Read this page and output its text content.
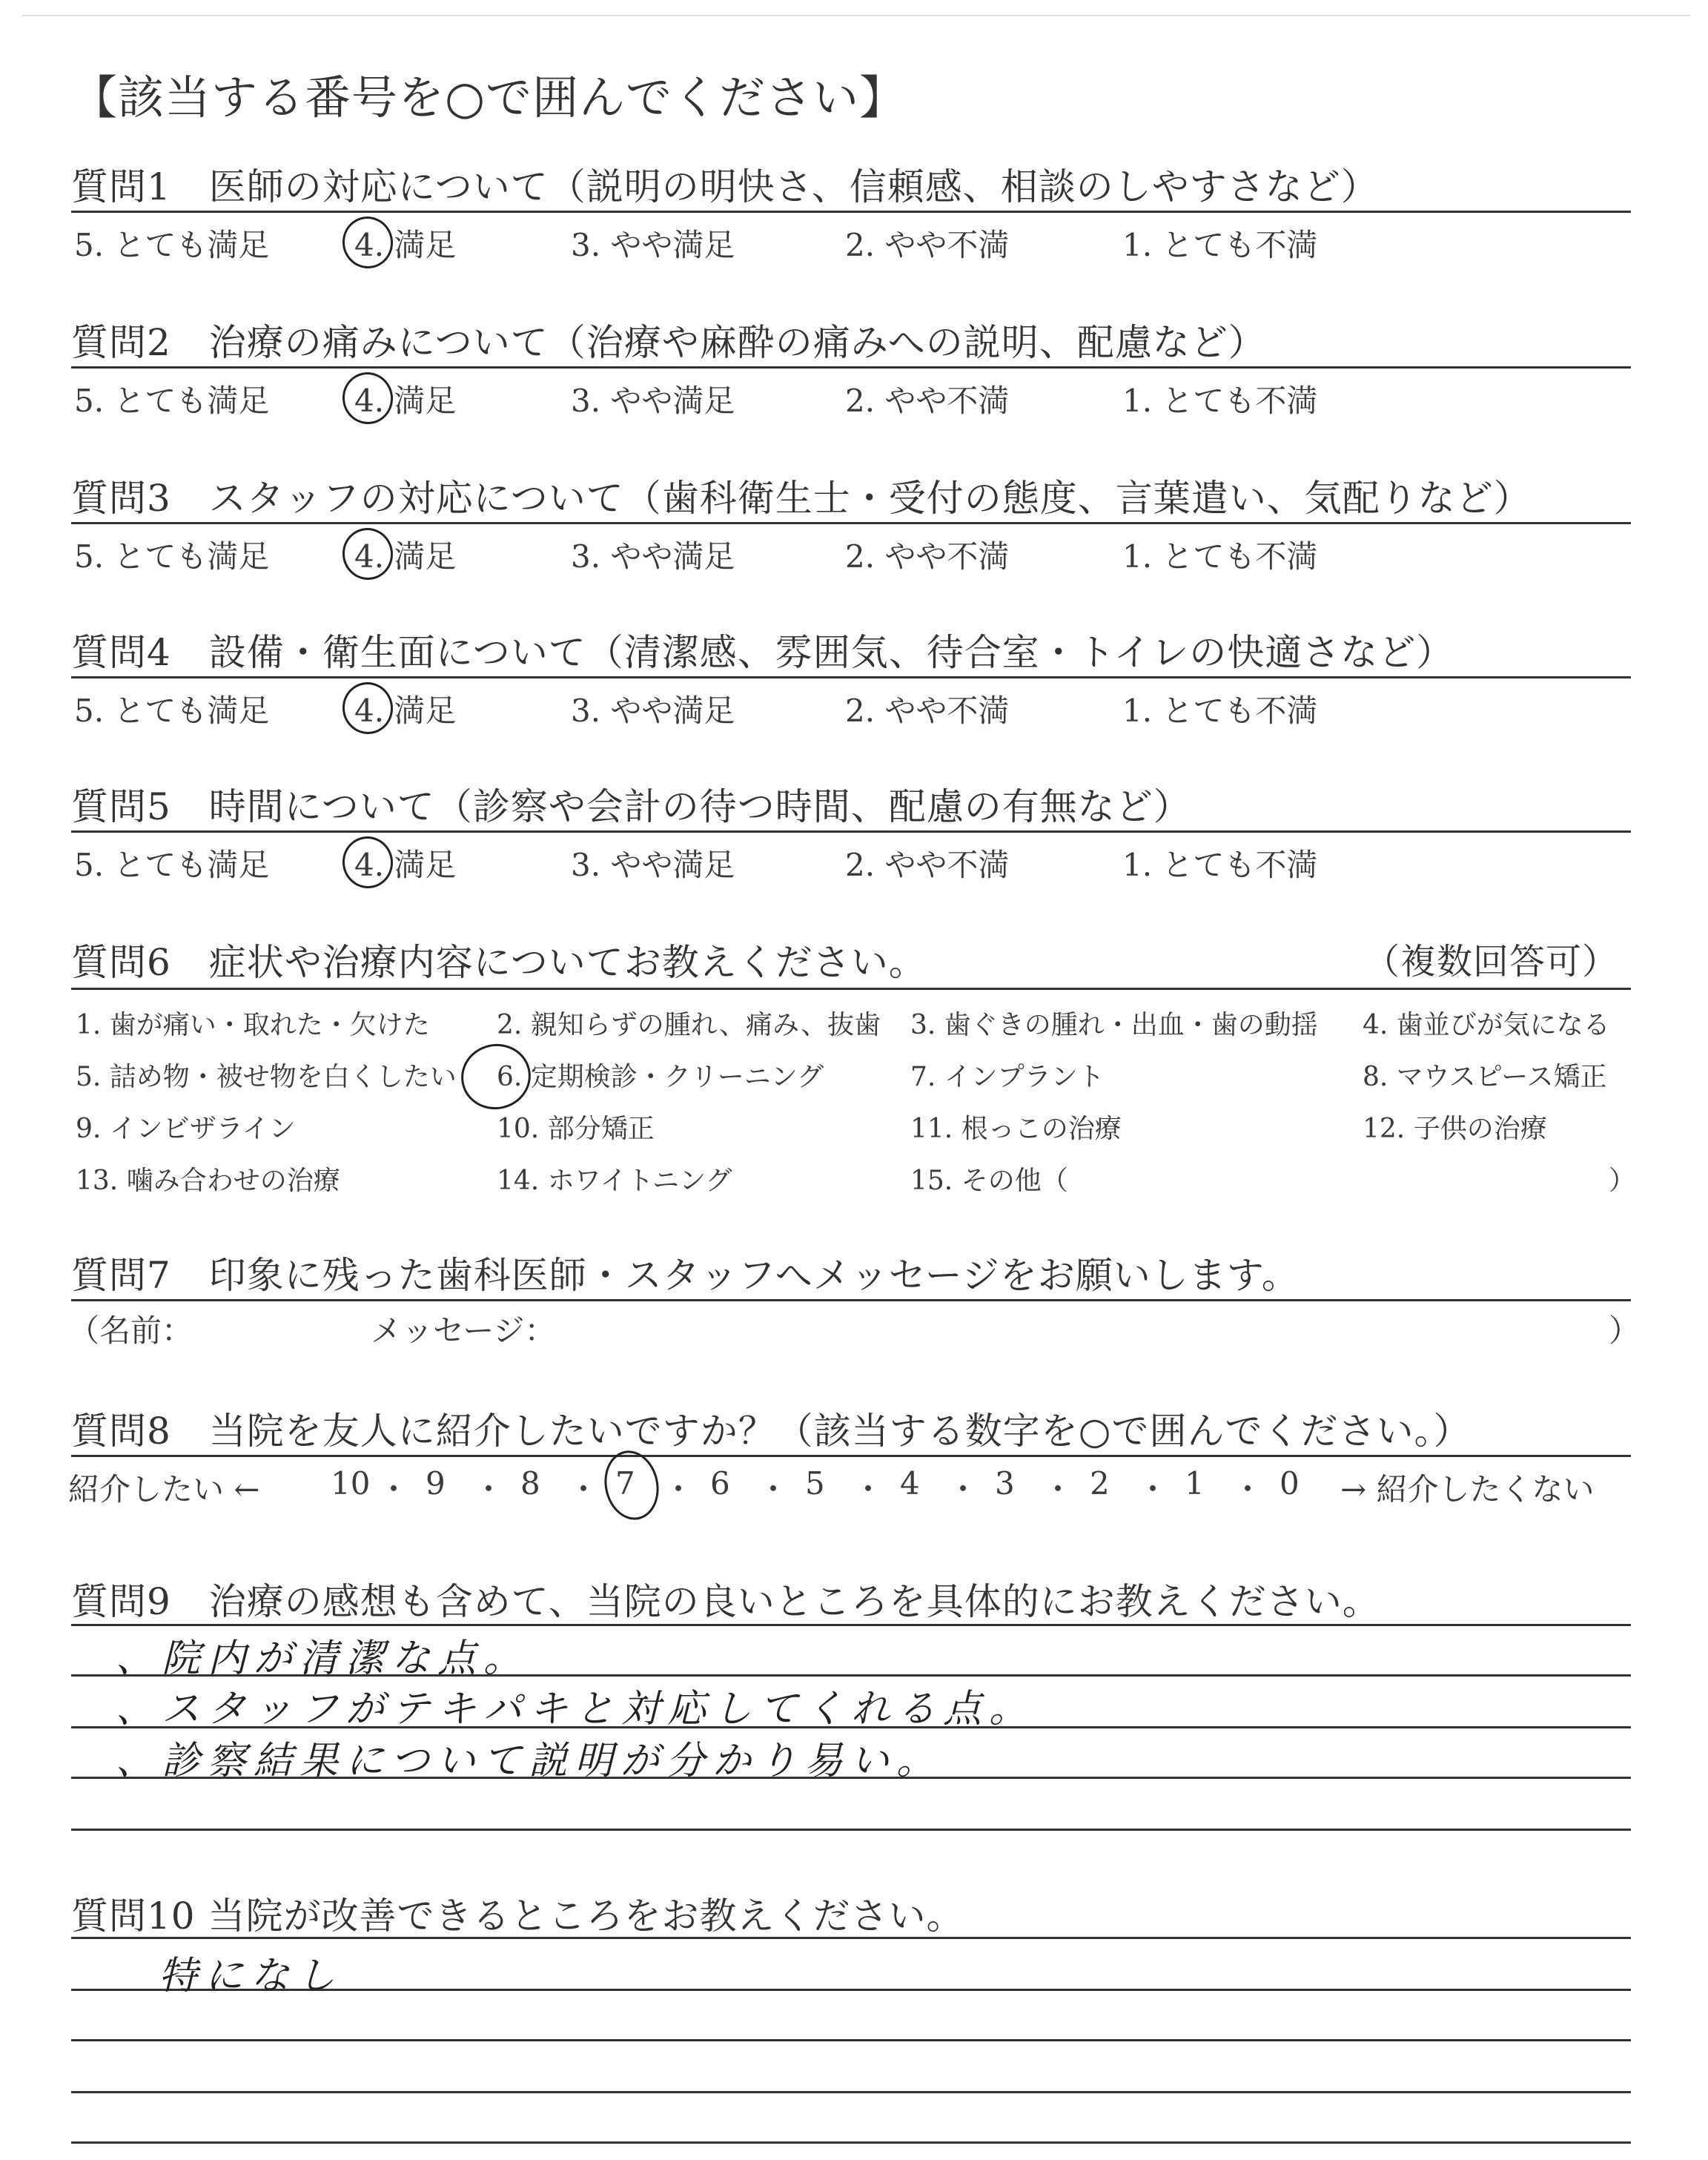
【該当する番号を○で囲んでください】
質問1　医師の対応について（説明の明快さ、信頼感、相談のしやすさなど）
5. とても満足	4. 満足	3. やや満足	2. やや不満	1. とても不満
質問2　治療の痛みについて（治療や麻酔の痛みへの説明、配慮など）
5. とても満足	4. 満足	3. やや満足	2. やや不満	1. とても不満
質問3　スタッフの対応について（歯科衛生士・受付の態度、言葉遣い、気配りなど）
5. とても満足	4. 満足	3. やや満足	2. やや不満	1. とても不満
質問4　設備・衛生面について（清潔感、雰囲気、待合室・トイレの快適さなど）
5. とても満足	4. 満足	3. やや満足	2. やや不満	1. とても不満
質問5　時間について（診察や会計の待つ時間、配慮の有無など）
5. とても満足	4. 満足	3. やや満足	2. やや不満	1. とても不満
質問6　症状や治療内容についてお教えください。	（複数回答可）
1. 歯が痛い・取れた・欠けた	2. 親知らずの腫れ、痛み、抜歯 3. 歯ぐきの腫れ・出血・歯の動揺 4. 歯並びが気になる
5. 詰め物・被せ物を白くしたい 6. 定期検診・クリーニング	7. インプラント	8. マウスピース矯正
9. インビザライン	10. 部分矯正	11. 根っこの治療	12. 子供の治療
13. 噛み合わせの治療	14. ホワイトニング	15. その他（	）
質問7　印象に残った歯科医師・スタッフへメッセージをお願いします。
（名前：	メッセージ：	）
質問8　当院を友人に紹介したいですか？（該当する数字を○で囲んでください。）
紹介したい ← 10 ・ 9 ・ 8 ・ 7 ・ 6 ・ 5 ・ 4 ・ 3 ・ 2 ・ 1 ・ 0 → 紹介したくない
質問9　治療の感想も含めて、当院の良いところを具体的にお教えください。
、院内が清潔な点。
、スタッフがテキパキと対応してくれる点。
、診察結果について説明が分かり易い。
質問10 当院が改善できるところをお教えください。
特になし
